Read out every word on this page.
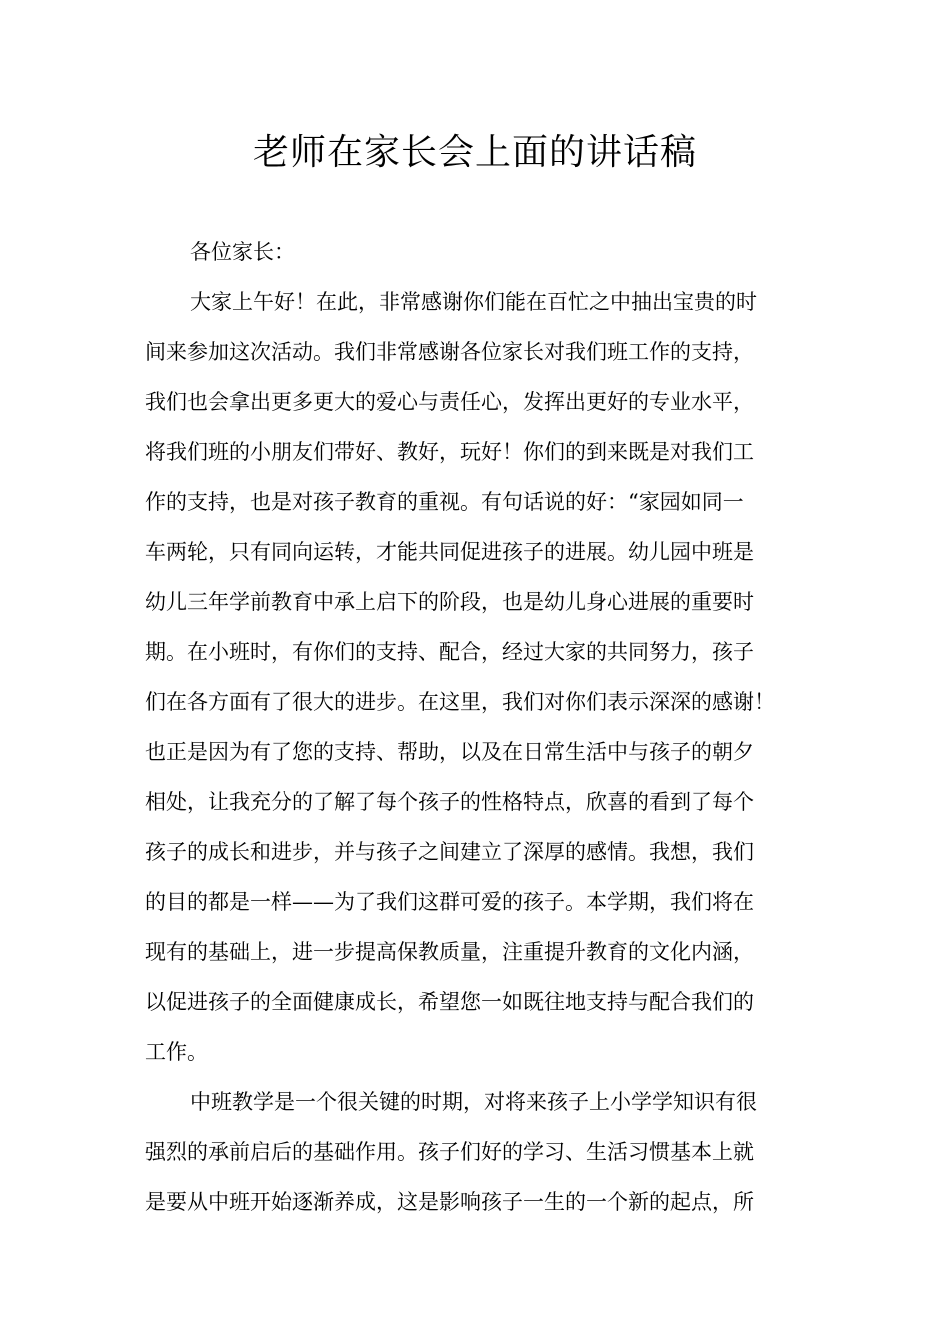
老师在家长会上面的讲话稿
各位家长：
大家上午好！在此，非常感谢你们能在百忙之中抽出宝贵的时
间来参加这次活动。我们非常感谢各位家长对我们班工作的支持，
我们也会拿出更多更大的爱心与责任心，发挥出更好的专业水平，
将我们班的小朋友们带好、教好，玩好！你们的到来既是对我们工
作的支持，也是对孩子教育的重视。有句话说的好：“家园如同一
车两轮，只有同向运转，才能共同促进孩子的进展。幼儿园中班是
幼儿三年学前教育中承上启下的阶段，也是幼儿身心进展的重要时
期。在小班时，有你们的支持、配合，经过大家的共同努力，孩子
们在各方面有了很大的进步。在这里，我们对你们表示深深的感谢！
也正是因为有了您的支持、帮助，以及在日常生活中与孩子的朝夕
相处，让我充分的了解了每个孩子的性格特点，欣喜的看到了每个
孩子的成长和进步，并与孩子之间建立了深厚的感情。我想，我们
的目的都是一样——为了我们这群可爱的孩子。本学期，我们将在
现有的基础上，进一步提高保教质量，注重提升教育的文化内涵，
以促进孩子的全面健康成长，希望您一如既往地支持与配合我们的
工作。
中班教学是一个很关键的时期，对将来孩子上小学学知识有很
强烈的承前启后的基础作用。孩子们好的学习、生活习惯基本上就
是要从中班开始逐渐养成，这是影响孩子一生的一个新的起点，所
